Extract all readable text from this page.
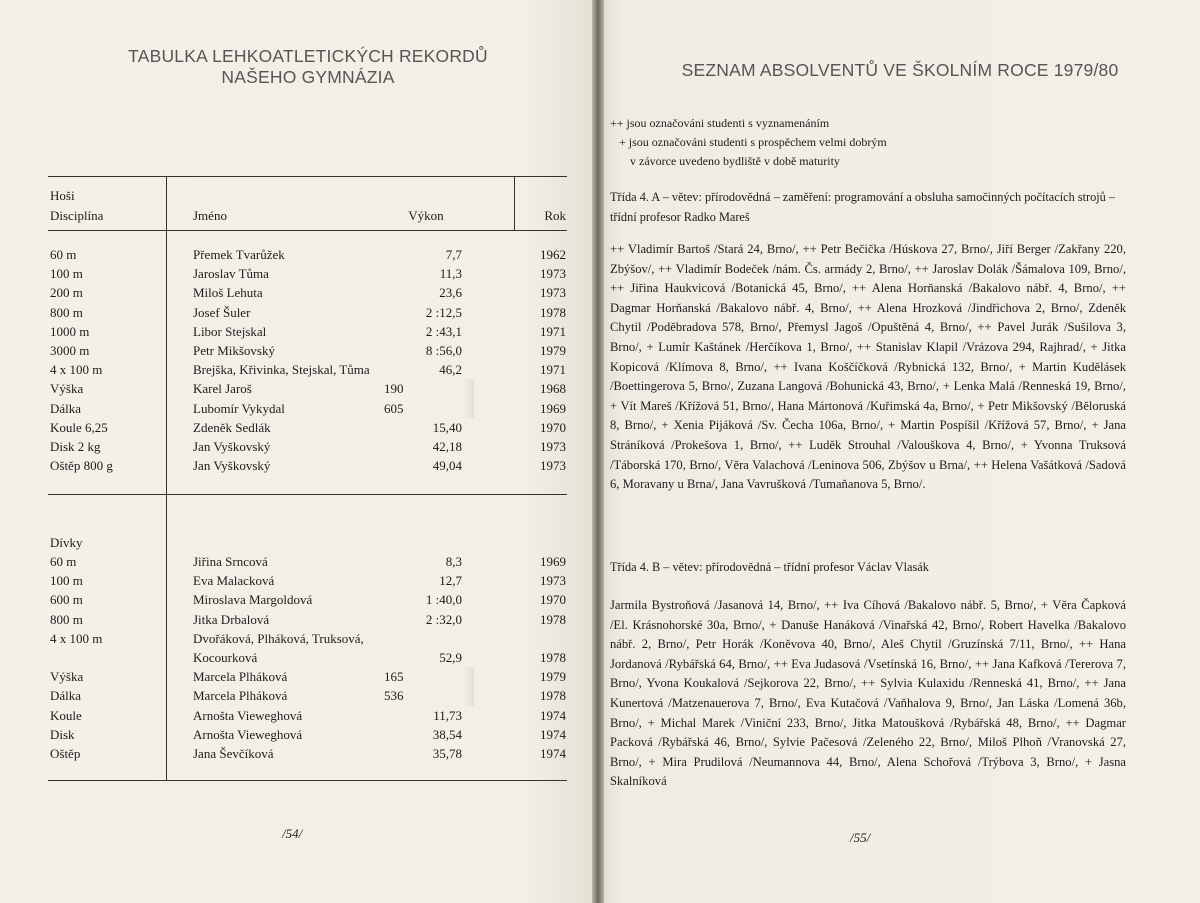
TABULKA LEHKOATLETICKÝCH REKORDŮ
NAŠEHO GYMNÁZIA
Hoši
Disciplína	Jméno	Výkon	Rok
60 m	Přemek Tvarůžek	7,7	1962
100 m	Jaroslav Tůma	11,3	1973
200 m	Miloš Lehuta	23,6	1973
800 m	Josef Šuler	2 :12,5	1978
1000 m	Libor Stejskal	2 :43,1	1971
3000 m	Petr Mikšovský	8 :56,0	1979
4 x 100 m	Brejška, Křivinka, Stejskal, Tůma	46,2	1971
Výška	Karel Jaroš	190	1968
Dálka	Lubomír Vykydal	605	1969
Koule 6,25	Zdeněk Sedlák	15,40	1970
Disk 2 kg	Jan Vyškovský	42,18	1973
Oštěp 800 g	Jan Vyškovský	49,04	1973
Dívky
60 m	Jiřina Srncová	8,3	1969
100 m	Eva Malacková	12,7	1973
600 m	Miroslava Margoldová	1 :40,0	1970
800 m	Jitka Drbalová	2 :32,0	1978
4 x 100 m	Dvořáková, Plháková, Truksová,
Kocourková	52,9	1978
Výška	Marcela Plháková	165	1979
Dálka	Marcela Plháková	536	1978
Koule	Arnošta Vieweghová	11,73	1974
Disk	Arnošta Vieweghová	38,54	1974
Oštěp	Jana Ševčíková	35,78	1974
/54/
SEZNAM ABSOLVENTŮ VE ŠKOLNÍM ROCE 1979/80
/55/
++ jsou označováni studenti s vyznamenáním
+ jsou označováni studenti s prospěchem velmi dobrým
v závorce uvedeno bydliště v době maturity
Třída 4. A – větev: přírodovědná – zaměření: programování a obsluha samočinných počítacích strojů – třídní profesor Radko Mareš
++ Vladimír Bartoš /Stará 24, Brno/, ++ Petr Bečička /Húskova 27, Brno/, Jiří Berger /Zakřany 220, Zbýšov/, ++ Vladimír Bodeček /nám. Čs. armády 2, Brno/, ++ Jaroslav Dolák /Šámalova 109, Brno/, ++ Jiřina Haukvicová /Botanická 45, Brno/, ++ Alena Horňanská /Bakalovo nábř. 4, Brno/, ++ Dagmar Horňanská /Bakalovo nábř. 4, Brno/, ++ Alena Hrozková /Jindřichova 2, Brno/, Zdeněk Chytil /Poděbradova 578, Brno/, Přemysl Jagoš /Opuštěná 4, Brno/, ++ Pavel Jurák /Sušilova 3, Brno/, + Lumír Kaštánek /Herčíkova 1, Brno/, ++ Stanislav Klapil /Vrázova 294, Rajhrad/, + Jitka Kopicová /Klímova 8, Brno/, ++ Ivana Koščíčková /Rybnická 132, Brno/, + Martin Kudělásek /Boettingerova 5, Brno/, Zuzana Langová /Bohunická 43, Brno/, + Lenka Malá /Renneská 19, Brno/, + Vít Mareš /Křížová 51, Brno/, Hana Mártonová /Kuřimská 4a, Brno/, + Petr Mikšovský /Běloruská 8, Brno/, + Xenia Pijáková /Sv. Čecha 106a, Brno/, + Martin Pospíšil /Křížová 57, Brno/, + Jana Stráníková /Prokešova 1, Brno/, ++ Luděk Strouhal /Valouškova 4, Brno/, + Yvonna Truksová /Táborská 170, Brno/, Věra Valachová /Leninova 506, Zbýšov u Brna/, ++ Helena Vašátková /Sadová 6, Moravany u Brna/, Jana Vavrušková /Tumaňanova 5, Brno/.
Třída 4. B – větev: přírodovědná – třídní profesor Václav Vlasák
Jarmila Bystroňová /Jasanová 14, Brno/, ++ Iva Cíhová /Bakalovo nábř. 5, Brno/, + Věra Čapková /El. Krásnohorské 30a, Brno/, + Danuše Hanáková /Vinařská 42, Brno/, Robert Havelka /Bakalovo nábř. 2, Brno/, Petr Horák /Koněvova 40, Brno/, Aleš Chytil /Gruzínská 7/11, Brno/, ++ Hana Jordanová /Rybářská 64, Brno/, ++ Eva Judasová /Vsetínská 16, Brno/, ++ Jana Kafková /Tererova 7, Brno/, Yvona Koukalová /Sejkorova 22, Brno/, ++ Sylvia Kulaxidu /Renneská 41, Brno/, ++ Jana Kunertová /Matzenauerova 7, Brno/, Eva Kutačová /Vaňhalova 9, Brno/, Jan Láska /Lomená 36b, Brno/, + Michal Marek /Viniční 233, Brno/, Jitka Matoušková /Rybářská 48, Brno/, ++ Dagmar Packová /Rybářská 46, Brno/, Sylvie Pačesová /Zeleného 22, Brno/, Miloš Plhoň /Vranovská 27, Brno/, + Mira Prudilová /Neumannova 44, Brno/, Alena Schořová /Trýbova 3, Brno/, + Jasna Skalníková
